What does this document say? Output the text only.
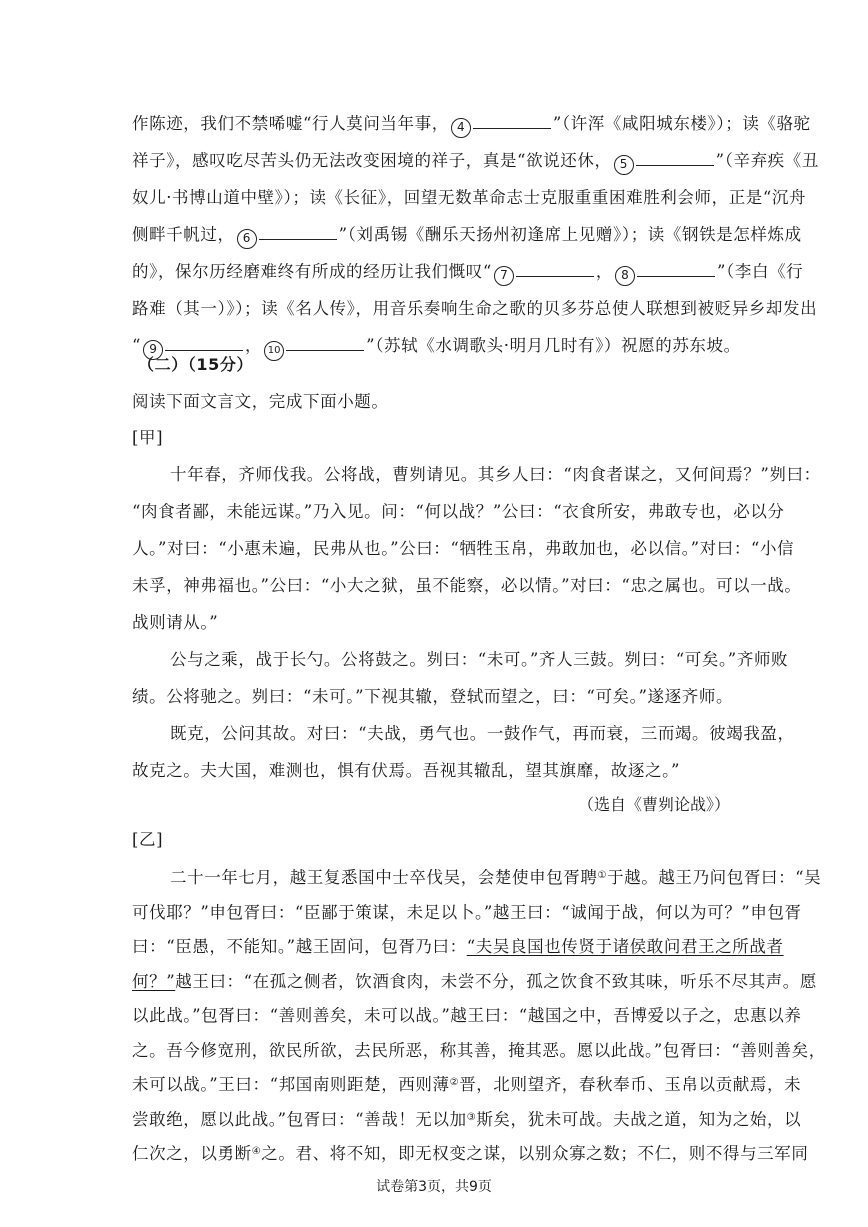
作陈迹，我们不禁唏嘘“行人莫问当年事， 4	”（许浑《咸阳城东楼》）；读《骆驼
祥子》，感叹吃尽苦头仍无法改变困境的祥子，真是“欲说还休， 5	”（辛弃疾《丑
奴儿·书博山道中壁》）；读《长征》，回望无数革命志士克服重重困难胜利会师，正是“沉舟
侧畔千帆过， 6	”（刘禹锡《酬乐天扬州初逢席上见赠》）；读《钢铁是怎样炼成
的》，保尔历经磨难终有所成的经历让我们慨叹“ 7	， 8	”（李白《行
路难（其一）》）；读《名人传》，用音乐奏响生命之歌的贝多芬总使人联想到被贬异乡却发出
“ 9	， 10	”（苏轼《水调歌头·明月几时有》）祝愿的苏东坡。
（二）（15分）
阅读下面文言文，完成下面小题。
[甲]
十年春，齐师伐我。公将战，曹刿请见。其乡人曰：“肉食者谋之，又何间焉？”刿曰：
“肉食者鄙，未能远谋。”乃入见。问：“何以战？”公曰：“衣食所安，弗敢专也，必以分
人。”对曰：“小惠未遍，民弗从也。”公曰：“牺牲玉帛，弗敢加也，必以信。”对曰：“小信
未孚，神弗福也。”公曰：“小大之狱，虽不能察，必以情。”对曰：“忠之属也。可以一战。
战则请从。”
公与之乘，战于长勺。公将鼓之。刿曰：“未可。”齐人三鼓。刿曰：“可矣。”齐师败
绩。公将驰之。刿曰：“未可。”下视其辙，登轼而望之，曰：“可矣。”遂逐齐师。
既克，公问其故。对曰：“夫战，勇气也。一鼓作气，再而衰，三而竭。彼竭我盈，
故克之。夫大国，难测也，惧有伏焉。吾视其辙乱，望其旗靡，故逐之。”
（选自《曹刿论战》）
[乙]
二十一年七月，越王复悉国中士卒伐吴，会楚使申包胥聘①于越。越王乃问包胥曰：“吴
可伐耶？”申包胥曰：“臣鄙于策谋，未足以卜。”越王曰：“诚闻于战，何以为可？”申包胥
曰：“臣愚，不能知。”越王固问，包胥乃曰：“夫吴良国也传贤于诸侯敢问君王之所战者
何？”越王曰：“在孤之侧者，饮酒食肉，未尝不分，孤之饮食不致其味，听乐不尽其声。愿
以此战。”包胥曰：“善则善矣，未可以战。”越王曰：“越国之中，吾博爱以子之，忠惠以养
之。吾今修宽刑，欲民所欲，去民所恶，称其善，掩其恶。愿以此战。”包胥曰：“善则善矣，
未可以战。”王曰：“邦国南则距楚，西则薄②晋，北则望齐，春秋奉币、玉帛以贡献焉，未
尝敢绝，愿以此战。”包胥曰：“善哉！无以加③斯矣，犹未可战。夫战之道，知为之始，以
试卷第3页，共9页
仁次之，以勇断④之。君、将不知，即无权变之谋，以别众寡之数；不仁，则不得与三军同
